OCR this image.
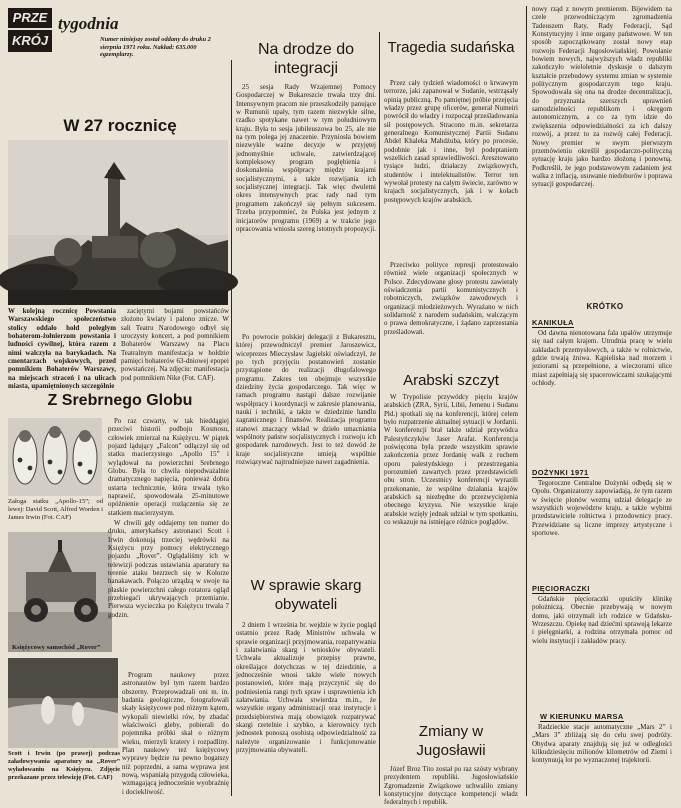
PRZE
KRÓJ
tygodnia
Numer niniejszy został oddany do druku 2 sierpnia 1971 roku. Nakład: 635.000 egzemplarzy.
W 27 rocznicę

W kolejną rocznicę Powstania Warszawskiego społeczeństwo stolicy oddało hołd poległym bohaterom-żołnierzom powstania i ludności cywilnej, która razem z nimi walczyła na barykadach. Na cmentarzach wojskowych, przed pomnikiem Bohaterów Warszawy, na miejscach straceń i na ulicach miasta, upamiętnionych szczególnie

zaciętymi bojami powstańców złożono kwiaty i palono znicze. W sali Teatru Narodowego odbył się uroczysty koncert, a pod pomnikiem Bohaterów Warszawy na Placu Teatralnym manifestacja w hołdzie pamięci bohaterów 63-dniowej epopei powstańczej. Na zdjęciu: manifestacja pod pomnikiem Nike (Fot. CAF).

Z Srebrnego Globu
Załoga statku „Apollo-15”; od lewej: David Scott, Alfred Worden i James Irwin (Fot. CAF)
Księżycowy samochód „Rover”
Scott i Irwin (po prawej) podczas załadowywania aparatury na „Rover” wyładowaniu na Księżycu. Zdjęcie przekazane przez telewizję (Fot. CAF)

Po raz czwarty, w tak hieddągiej przeciwi historii podboju Kosmosu, człowiek zmierzał na Księżycu. W piątek pojazd lądujący „Falcon” odłączył się od statku macierzystego „Apollo 15” i wylądował na powierzchni Srebrnego Globu. Była to chwila niepodważalnie dramatycznego napięcia, ponieważ dobra ustarta technicznie, która trwała tyko naprawić, spowodowała 25-minutowe opóźnienie operacji rozłączenia się ze statkiem macierzystym.

W chwili gdy oddajemy ten numer do druku, amerykańscy astronauci Scott i Irwin dokonują trzeciej wędrówki na Księżycu przy pomocy elektrycznego pojazdu „Rover”. Oglądaliśmy ich w telewizji podczas ustawiania aparatury na terenie ataku bezrzech się w Kolorze hanakawach. Połączo urządzą w swoje na płaskie powierzchni całego rotatora ogląd przebiegaći ukrywających przemianie. Pierwsza wycieczka po Księżycu trwała 7 godzin.

Program naukowy przez astronautów był tym razem bardzo obszerny. Przeprowadzali oni m. in. badania geologiczne, fotografowali skały księżycowe pod różnym kątem, wykopali niewielki rów, by zbadać właściwości gleby, pobierali do pojemnika próbki skał o różnym wieku, mierzyli kratery i rozpadliny. Plan naukowy też księżycowy wyprawy będzie na pewno bogatszy niż poprzedni, a sama wyprawa jest nową, wspaniałą przygodą człowieka, wzmagającą jednocześnie wyobraźnię i dociekliwość.

Na drodze do integracji

25 sesja Rady Wzajemnej Pomocy Gospodarczej w Bukareszcie trwała trzy dni. Intensywnym pracom nie przeszkodziły panujące w Rumunii upały, tym razem niezwykle silne, rzadko spotykane nawet w tym południowym kraju. Była to sesja jubileuszowa bo 25, ale nie na tym polega jej znaczenie. Przyniosła bowiem niezwykle ważne decyzje w przyjętej jednomyślnie uchwale, zatwierdzającej kompleksowy program pogłębienia i doskonalenia współpracy między krajami socjalistycznymi, a także rozwijania ich socjalistycznej integracji. Tak więc dwuletni okres intensywnych prac rady nad tym programem zakończył się pełnym sukcesem. Trzeba przypomnieć, że Polska jest jednym z inicjatorów programu (1969) a w trakcie jego opracowania wniosła szereg istotnych propozycji.

Po powrocie polskiej delegacji z Bukaresztu, której przewodniczył premier Jaroszewicz, wiceprezes Mieczysław Jagielski oświadczył, że po tych przyjęciu postanowień zostanie przystąpione do realizacji długofalowego programu. Zakres ten obejmuje wszystkie dziedziny życia gospodarczego. Tak więc w ramach programu nastąpi dalsze rozwijanie współpracy i koordynacji w zakresie planowania, nauki i techniki, a także w dziedzinie handlu zagranicznego i finansów. Realizacja programu stanowi znaczący wkład w dzieło umacniania wspólnoty państw socjalistycznych i rozwoju ich gospodarek narodowych. Jest to też dowód że kraje socjalistyczne umieją wspólnie rozwiązywać najtrudniejsze nawet zagadnienia.

W sprawie skarg obywateli

2 dniem 1 września br. wejdzie w życie pogląd ostatnio przez Radę Ministrów uchwała w sprawie organizacji przyjmowania, rozpatrywania i załatwiania skarg i wniosków obywateli. Uchwała aktualizuje przepisy prawne, określające dotychczas w tej dziedzinie, a jednocześnie wnosi także wiele nowych postanowień, które mają przyczynić się do podniesienia rangi tych spraw i usprawnienia ich załatwiania. Uchwała stwierdza m.in., że wszystkie organy administracji oraz instytucje i przedsiębiorstwa mają obowiązek rozpatrywać skargi rzetelnie i szybko, a kierownicy tych jednostek ponoszą osobistą odpowiedzialność za należyte organizowanie i funkcjonowanie przyjmowania obywateli.

Tragedia sudańska

Przez cały tydzień wiadomości o krwawym terrorze, jaki zapanował w Sudanie, wstrząsały opinią publiczną. Po pamiętnej próbie przejęcia władzy przez grupę oficerów, generał Numeiri powrócił do władzy i rozpoczął prześladowania sił postępowych. Stracono m.in. sekretarza generalnego Komunistycznej Partii Sudanu Abdel Khaleka Mahdżuba, który po procesie, podobnie jak i inne, był podeptaniem wszelkich zasad sprawiedliwości. Aresztowano tysiące ludzi, działaczy związkowych, studentów i intelektualistów. Terror ten wywołał protesty na całym świecie, zarówno w krajach socjalistycznych, jak i w kołach postępowych krajów arabskich.

Przeciwko polityce represji protestowało również wiele organizacji społecznych w Polsce. Zdecydowane głosy protestu zawierały oświadczenia partii komunistycznych i robotniczych, związków zawodowych i organizacji młodzieżowych. Wyrażano w nich solidarność z narodem sudańskim, walczącym o prawa demokratyczne, i żądano zaprzestania prześladowań.

Arabski szczyt

W Trypolisie przywódcy pięciu krajów arabskich (ZRA, Syrii, Libii, Jemenu i Sudanu Płd.) spotkali się na konferencji, której celem było rozpatrzenie aktualnej sytuacji w Jordanii. W konferencji brał także udział przywódca Palestyńczyków Jaser Arafat. Konferencja poświęcona była przede wszystkim sprawie zakończenia przez Jordanię walk z ruchem oporu palestyńskiego i przestrzegania porozumień zawartych przez przedstawicieli obu stron. Uczestnicy konferencji wyrazili przekonanie, że wspólne działania krajów arabskich są niezbędne do przezwyciężenia obecnego kryzysu. Nie wszystkie kraje arabskie wzięły jednak udział w tym spotkaniu, co wskazuje na istniejące różnice poglądów.

Zmiany w Jugosławii

Józef Broz Tito został po raz szósty wybrany prezydentem republiki. Jugosłowiańskie Zgromadzenie Związkowe uchwaliło zmiany konstytucyjne dotyczące kompetencji władz federalnych i republik.

nowy rząd z nowym premierem. Bijewidem na czele przewodniczącym zgromadzenia Tadeuszem Raty, Rady Federacji, Sąd Konstytucyjny i inne organy państwowe. W ten sposób zapoczątkowany został nowy etap rozwoju Federacji Jugosłowiańskiej. Powołanie bowiem nowych, najwyższych władz republiki zakończyło wieloletnie dyskusje o dalszym kształcie przebudowy systemu zmian w systemie politycznym gospodarczym tego kraju. Spowodowała się ona na drodze decentralizacji, do przyznania szerszych uprawnień samodzielności republikom i okręgom autonomicznym, a co za tym idzie do zwiększenia odpowiedzialności za ich dalszy rozwój, a przez to za rozwój całej Federacji. Nowy premier w swym pierwszym przemówieniu określił gospodarczo-polityczną sytuację kraju jako bardzo złożoną i ponowną. Podkreślił, że jego podstawowym zadaniem jest walka z inflacją, usuwanie niedoborów i poprawa sytuacji gospodarczej.

KRÓTKO
KANIKUŁA

Od dawna nienotowana fala upałów utrzymuje się nad całym krajem. Utrudnia pracę w wielu zakładach przemysłowych, a także w rolnictwie, gdzie trwają żniwa. Kąpieliska nad morzem i jeziorami są przepełnione, a wieczorami ulice miast zapełniają się spacerowiczami szukającymi ochłody.

DOŻYNKI 1971

Tegoroczne Centralne Dożynki odbędą się w Opolu. Organizatorzy zapowiadają, że tym razem w święcie plonów wezmą udział delegacje ze wszystkich województw kraju, a także wybitni przedstawiciele rolnictwa i przodownicy pracy. Przewidziane są liczne imprezy artystyczne i sportowe.

PIĘCIORACZKI

Gdańskie pięcioraczki opuściły klinikę położniczą. Obecnie przebywają w nowym domu, jaki otrzymali ich rodzice w Gdańsku-Wrzeszczu. Opiekę nad dziećmi sprawują lekarze i pielęgniarki, a rodzina otrzymała pomoc od wielu instytucji i zakładów pracy.

W KIERUNKU MARSA

Radzieckie stacje automatyczne „Mars 2” i „Mars 3” zbliżają się do celu swej podróży. Obydwa aparaty znajdują się już w odległości kilkudziesięciu milionów kilometrów od Ziemi i kontynuują lot po wyznaczonej trajektorii.
